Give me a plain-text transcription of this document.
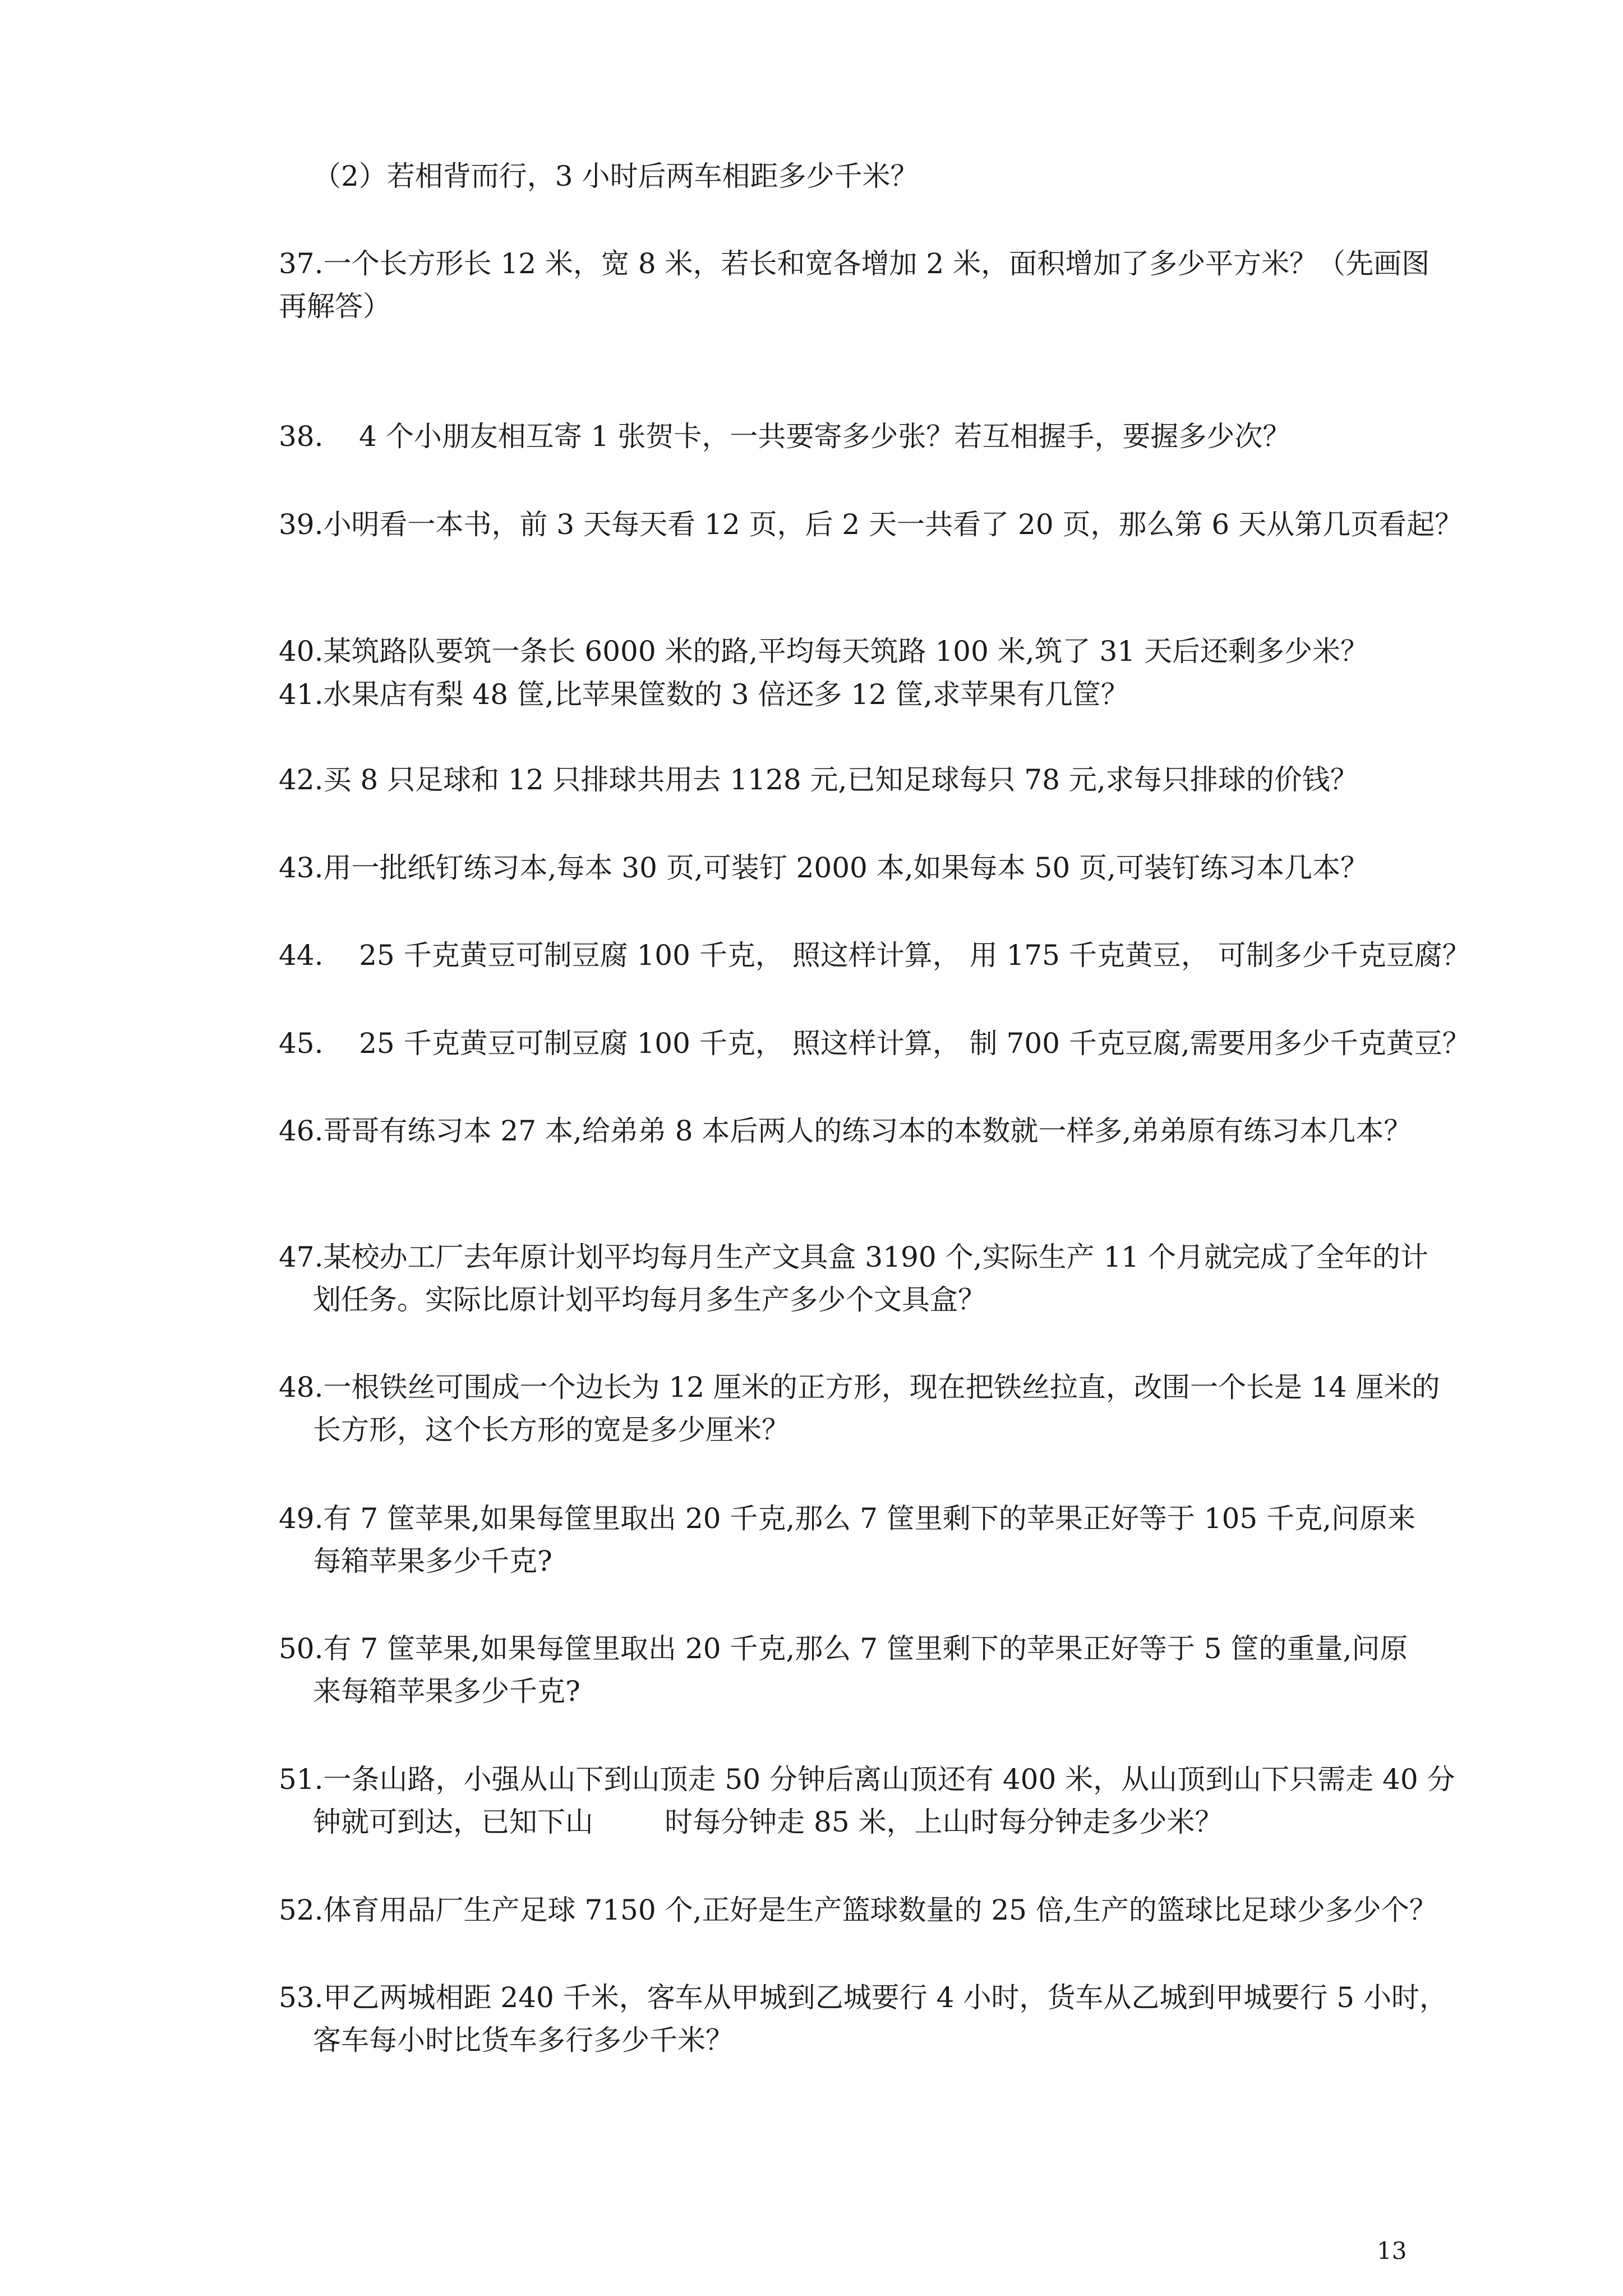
（2）若相背而行，3 小时后两车相距多少千米？

37.一个长方形长 12 米，宽 8 米，若长和宽各增加 2 米，面积增加了多少平方米？（先画图

再解答）

38.    4 个小朋友相互寄 1 张贺卡，一共要寄多少张？若互相握手，要握多少次？

39.小明看一本书，前 3 天每天看 12 页，后 2 天一共看了 20 页，那么第 6 天从第几页看起？

40.某筑路队要筑一条长 6000 米的路,平均每天筑路 100 米,筑了 31 天后还剩多少米？

41.水果店有梨 48 筐,比苹果筐数的 3 倍还多 12 筐,求苹果有几筐？

42.买 8 只足球和 12 只排球共用去 1128 元,已知足球每只 78 元,求每只排球的价钱？

43.用一批纸钉练习本,每本 30 页,可装钉 2000 本,如果每本 50 页,可装钉练习本几本？

44.    25 千克黄豆可制豆腐 100 千克， 照这样计算， 用 175 千克黄豆， 可制多少千克豆腐？

45.    25 千克黄豆可制豆腐 100 千克， 照这样计算， 制 700 千克豆腐,需要用多少千克黄豆？

46.哥哥有练习本 27 本,给弟弟 8 本后两人的练习本的本数就一样多,弟弟原有练习本几本？

47.某校办工厂去年原计划平均每月生产文具盒 3190 个,实际生产 11 个月就完成了全年的计

划任务。实际比原计划平均每月多生产多少个文具盒？

48.一根铁丝可围成一个边长为 12 厘米的正方形，现在把铁丝拉直，改围一个长是 14 厘米的

长方形，这个长方形的宽是多少厘米？

49.有 7 筐苹果,如果每筐里取出 20 千克,那么 7 筐里剩下的苹果正好等于 105 千克,问原来

每箱苹果多少千克?

50.有 7 筐苹果,如果每筐里取出 20 千克,那么 7 筐里剩下的苹果正好等于 5 筐的重量,问原

来每箱苹果多少千克?

51.一条山路，小强从山下到山顶走 50 分钟后离山顶还有 400 米，从山顶到山下只需走 40 分

钟就可到达，已知下山        时每分钟走 85 米，上山时每分钟走多少米？

52.体育用品厂生产足球 7150 个,正好是生产篮球数量的 25 倍,生产的篮球比足球少多少个？

53.甲乙两城相距 240 千米，客车从甲城到乙城要行 4 小时，货车从乙城到甲城要行 5 小时，

客车每小时比货车多行多少千米？

13
